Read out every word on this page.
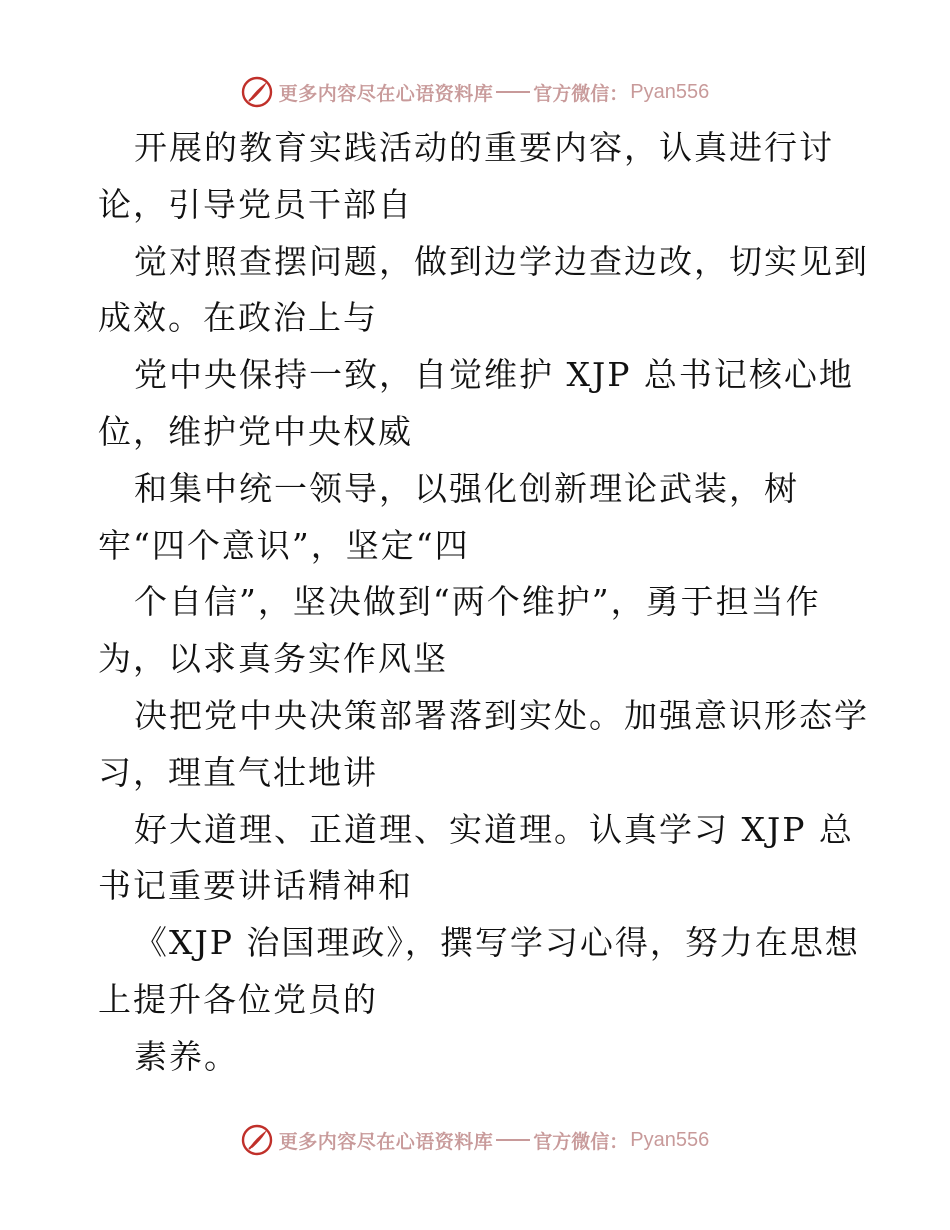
更多内容尽在心语资料库 官方微信： Pyan556
开展的教育实践活动的重要内容，认真进行讨
论，引导党员干部自
觉对照查摆问题，做到边学边查边改，切实见到
成效。在政治上与
党中央保持一致，自觉维护 XJP 总书记核心地
位，维护党中央权威
和集中统一领导，以强化创新理论武装，树
牢“四个意识”，坚定“四
个自信”，坚决做到“两个维护”，勇于担当作
为，以求真务实作风坚
决把党中央决策部署落到实处。加强意识形态学
习，理直气壮地讲
好大道理、正道理、实道理。认真学习 XJP 总
书记重要讲话精神和
《XJP 治国理政》，撰写学习心得，努力在思想
上提升各位党员的
素养。
更多内容尽在心语资料库 官方微信： Pyan556
